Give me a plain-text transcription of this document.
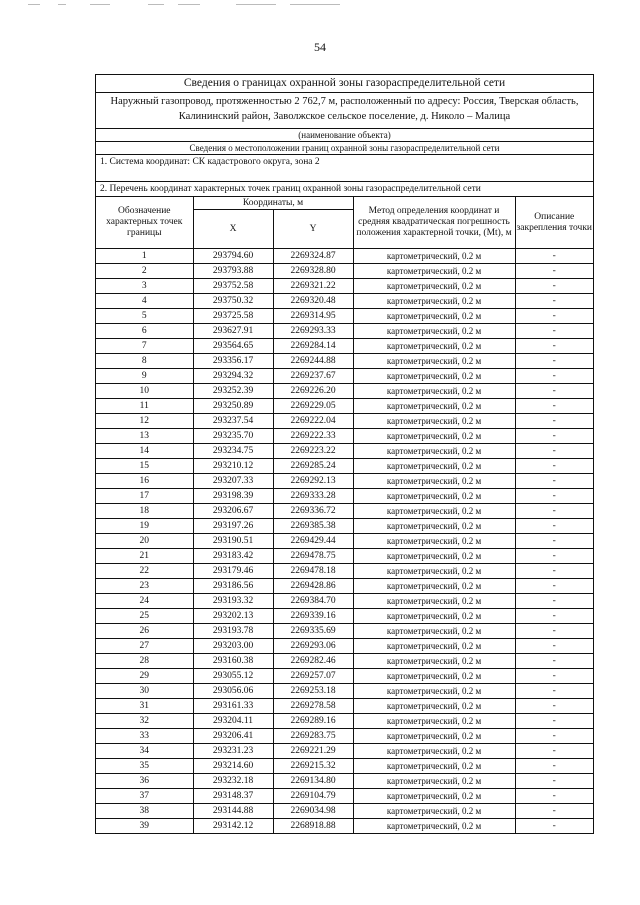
54
Сведения о границах охранной зоны газораспределительной сети
Наружный газопровод, протяженностью 2 762,7 м, расположенный по адресу: Россия, Тверская область, Калининский район, Заволжское сельское поселение, д. Николо – Малица
(наименование объекта)
Сведения о местоположении границ охранной зоны газораспределительной сети
1. Система координат: СК кадастрового округа, зона 2
2. Перечень координат характерных точек границ охранной зоны газораспределительной сети
Обозначение характерных точек границы	Координаты, м		Метод определения координат и средняя квадратическая погрешность положения характерной точки, (Mt), м	Описание закрепления точки
	X	Y		
1	293794.60	2269324.87	картометрический, 0.2 м	-
2	293793.88	2269328.80	картометрический, 0.2 м	-
3	293752.58	2269321.22	картометрический, 0.2 м	-
4	293750.32	2269320.48	картометрический, 0.2 м	-
5	293725.58	2269314.95	картометрический, 0.2 м	-
6	293627.91	2269293.33	картометрический, 0.2 м	-
7	293564.65	2269284.14	картометрический, 0.2 м	-
8	293356.17	2269244.88	картометрический, 0.2 м	-
9	293294.32	2269237.67	картометрический, 0.2 м	-
10	293252.39	2269226.20	картометрический, 0.2 м	-
11	293250.89	2269229.05	картометрический, 0.2 м	-
12	293237.54	2269222.04	картометрический, 0.2 м	-
13	293235.70	2269222.33	картометрический, 0.2 м	-
14	293234.75	2269223.22	картометрический, 0.2 м	-
15	293210.12	2269285.24	картометрический, 0.2 м	-
16	293207.33	2269292.13	картометрический, 0.2 м	-
17	293198.39	2269333.28	картометрический, 0.2 м	-
18	293206.67	2269336.72	картометрический, 0.2 м	-
19	293197.26	2269385.38	картометрический, 0.2 м	-
20	293190.51	2269429.44	картометрический, 0.2 м	-
21	293183.42	2269478.75	картометрический, 0.2 м	-
22	293179.46	2269478.18	картометрический, 0.2 м	-
23	293186.56	2269428.86	картометрический, 0.2 м	-
24	293193.32	2269384.70	картометрический, 0.2 м	-
25	293202.13	2269339.16	картометрический, 0.2 м	-
26	293193.78	2269335.69	картометрический, 0.2 м	-
27	293203.00	2269293.06	картометрический, 0.2 м	-
28	293160.38	2269282.46	картометрический, 0.2 м	-
29	293055.12	2269257.07	картометрический, 0.2 м	-
30	293056.06	2269253.18	картометрический, 0.2 м	-
31	293161.33	2269278.58	картометрический, 0.2 м	-
32	293204.11	2269289.16	картометрический, 0.2 м	-
33	293206.41	2269283.75	картометрический, 0.2 м	-
34	293231.23	2269221.29	картометрический, 0.2 м	-
35	293214.60	2269215.32	картометрический, 0.2 м	-
36	293232.18	2269134.80	картометрический, 0.2 м	-
37	293148.37	2269104.79	картометрический, 0.2 м	-
38	293144.88	2269034.98	картометрический, 0.2 м	-
39	293142.12	2268918.88	картометрический, 0.2 м	-
